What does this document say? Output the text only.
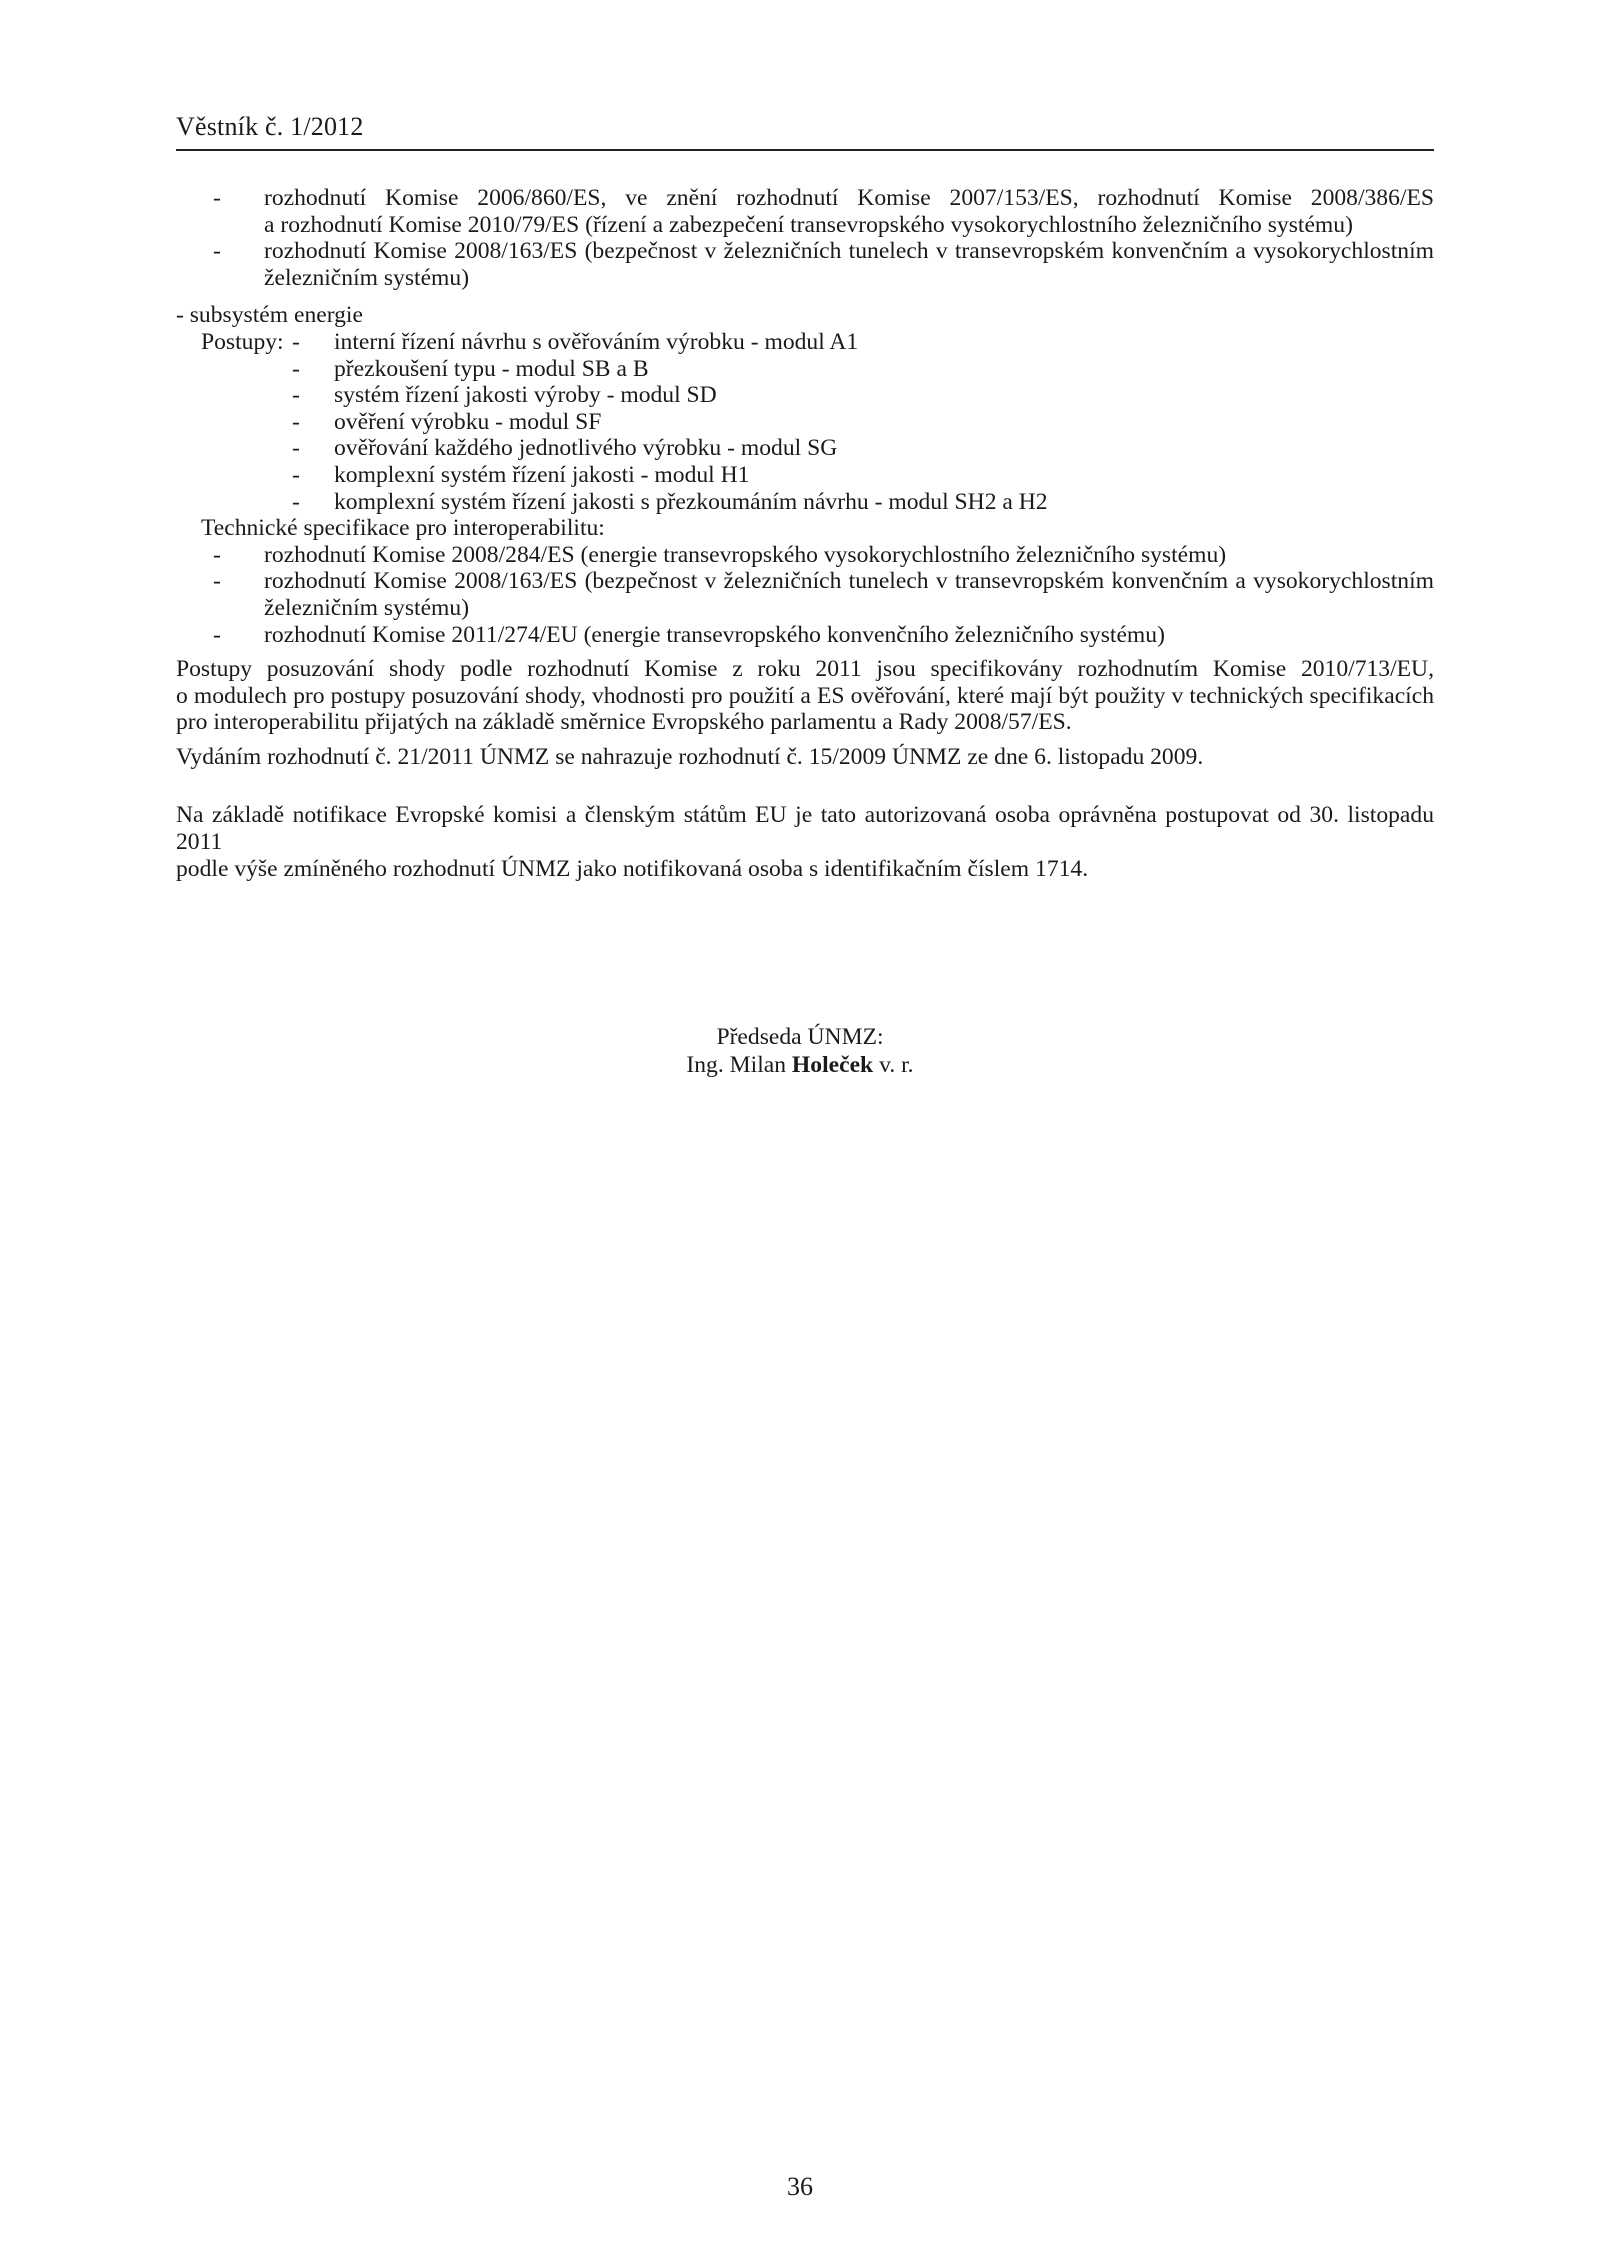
Věstník č. 1/2012
- rozhodnutí Komise 2006/860/ES, ve znění rozhodnutí Komise 2007/153/ES, rozhodnutí Komise 2008/386/ES
a rozhodnutí Komise 2010/79/ES (řízení a zabezpečení transevropského vysokorychlostního železničního systému)
- rozhodnutí Komise 2008/163/ES (bezpečnost v železničních tunelech v transevropském konvenčním a vysokorychlostním
železničním systému)
- subsystém energie
Postupy: - interní řízení návrhu s ověřováním výrobku - modul A1
- přezkoušení typu - modul SB a B
- systém řízení jakosti výroby - modul SD
- ověření výrobku - modul SF
- ověřování každého jednotlivého výrobku - modul SG
- komplexní systém řízení jakosti - modul H1
- komplexní systém řízení jakosti s přezkoumáním návrhu - modul SH2 a H2
Technické specifikace pro interoperabilitu:
- rozhodnutí Komise 2008/284/ES (energie transevropského vysokorychlostního železničního systému)
- rozhodnutí Komise 2008/163/ES (bezpečnost v železničních tunelech v transevropském konvenčním a vysokorychlostním
železničním systému)
- rozhodnutí Komise 2011/274/EU (energie transevropského konvenčního železničního systému)
Postupy posuzování shody podle rozhodnutí Komise z roku 2011 jsou specifikovány rozhodnutím Komise 2010/713/EU,
o modulech pro postupy posuzování shody, vhodnosti pro použití a ES ověřování, které mají být použity v technických specifikacích
pro interoperabilitu přijatých na základě směrnice Evropského parlamentu a Rady 2008/57/ES.
Vydáním rozhodnutí č. 21/2011 ÚNMZ se nahrazuje rozhodnutí č. 15/2009 ÚNMZ ze dne 6. listopadu 2009.
Na základě notifikace Evropské komisi a členským státům EU je tato autorizovaná osoba oprávněna postupovat od 30. listopadu 2011
podle výše zmíněného rozhodnutí ÚNMZ jako notifikovaná osoba s identifikačním číslem 1714.
Předseda ÚNMZ:
Ing. Milan Holeček v. r.
36
